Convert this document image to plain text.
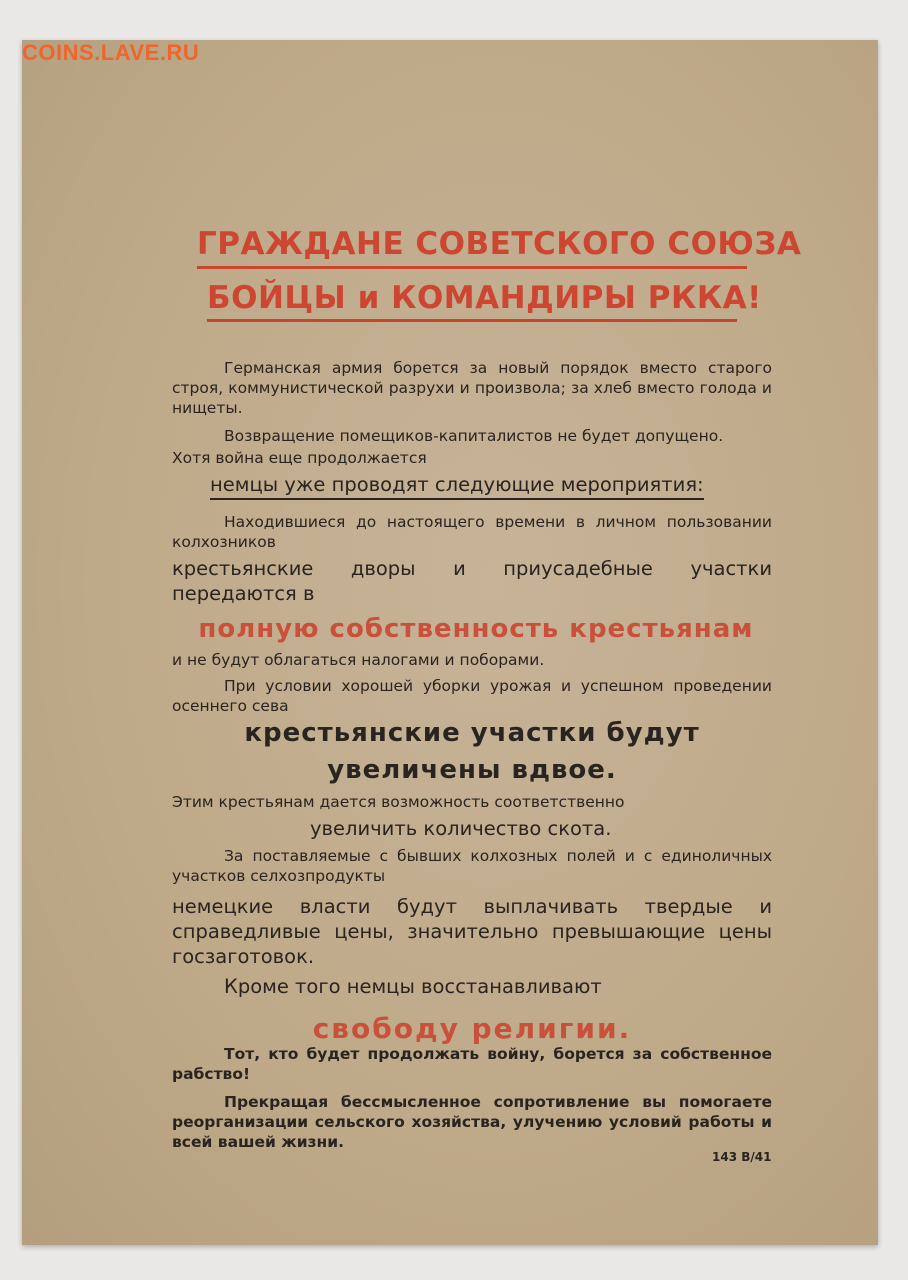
COINS.LAVE.RU
ГРАЖДАНЕ СОВЕТСКОГО СОЮЗА
БОЙЦЫ и КОМАНДИРЫ РККА!
Германская армия борется за новый порядок вместо старого строя, коммунистической разрухи и произвола; за хлеб вместо голода и нищеты.
Возвращение помещиков-капиталистов не будет допущено.
Хотя война еще продолжается
немцы уже проводят следующие мероприятия:
Находившиеся до настоящего времени в личном пользовании колхозников
крестьянские дворы и приусадебные участки передаются в
полную собственность крестьянам
и не будут облагаться налогами и поборами.
При условии хорошей уборки урожая и успешном проведении осеннего сева
крестьянские участки будут
увеличены вдвое.
Этим крестьянам дается возможность соответственно
увеличить количество скота.
За поставляемые с бывших колхозных полей и с единоличных участков селхозпродукты
немецкие власти будут выплачивать твердые и справедливые цены, значительно превышающие цены госзаготовок.
Кроме того немцы восстанавливают
свободу религии.
Тот, кто будет продолжать войну, борется за собственное рабство!
Прекращая бессмысленное сопротивление вы помогаете реорганизации сельского хозяйства, улучению условий работы и всей вашей жизни.
143 В/41
